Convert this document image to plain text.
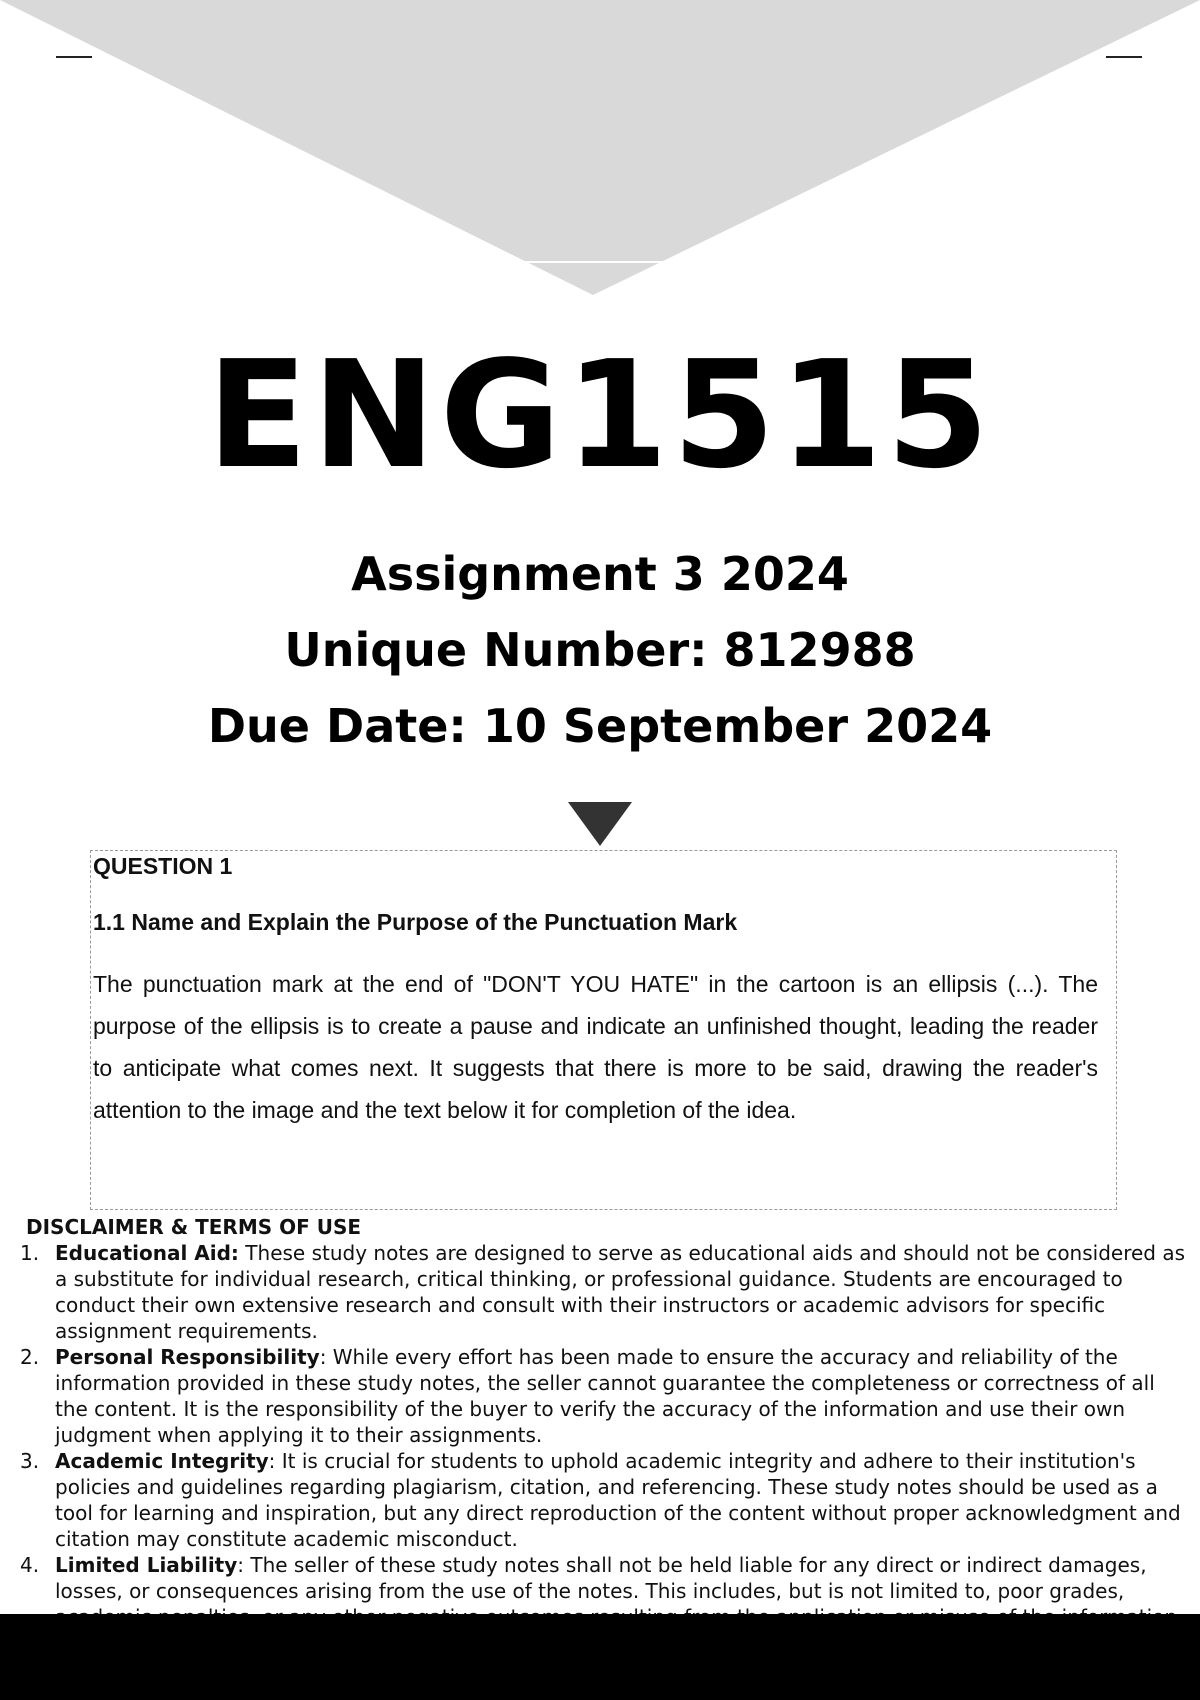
ENG1515
Assignment 3 2024
Unique Number: 812988
Due Date: 10 September 2024
QUESTION 1
1.1 Name and Explain the Purpose of the Punctuation Mark
The punctuation mark at the end of "DON'T YOU HATE" in the cartoon is an ellipsis (...). The purpose of the ellipsis is to create a pause and indicate an unfinished thought, leading the reader to anticipate what comes next. It suggests that there is more to be said, drawing the reader's attention to the image and the text below it for completion of the idea.
DISCLAIMER & TERMS OF USE
1. Educational Aid: These study notes are designed to serve as educational aids and should not be considered as a substitute for individual research, critical thinking, or professional guidance. Students are encouraged to conduct their own extensive research and consult with their instructors or academic advisors for specific assignment requirements.
2. Personal Responsibility: While every effort has been made to ensure the accuracy and reliability of the information provided in these study notes, the seller cannot guarantee the completeness or correctness of all the content. It is the responsibility of the buyer to verify the accuracy of the information and use their own judgment when applying it to their assignments.
3. Academic Integrity: It is crucial for students to uphold academic integrity and adhere to their institution's policies and guidelines regarding plagiarism, citation, and referencing. These study notes should be used as a tool for learning and inspiration, but any direct reproduction of the content without proper acknowledgment and citation may constitute academic misconduct.
4. Limited Liability: The seller of these study notes shall not be held liable for any direct or indirect damages, losses, or consequences arising from the use of the notes. This includes, but is not limited to, poor grades,
